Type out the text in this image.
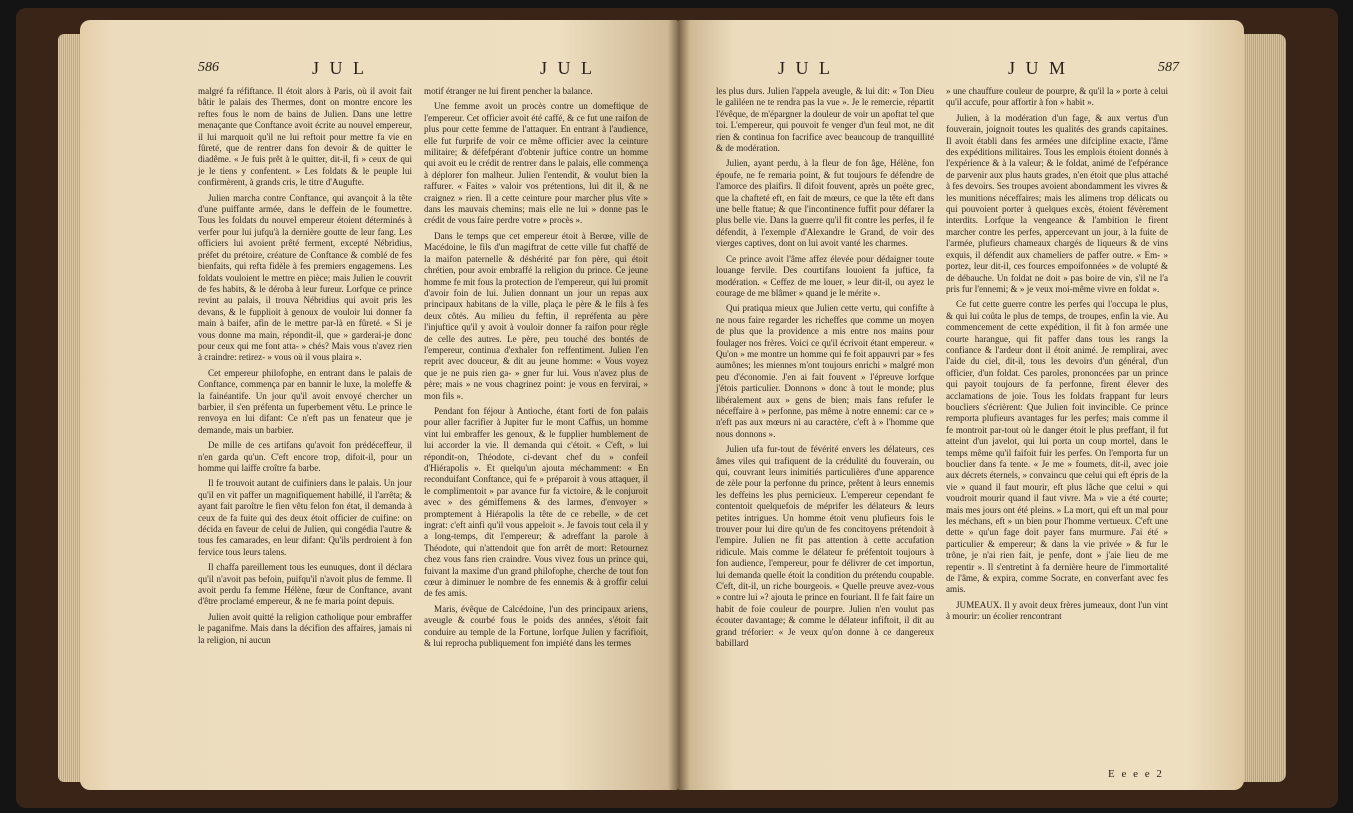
586	J U L	J U L

malgré fa réfiftance. Il étoit alors à Paris, où il avoit fait bâtir le palais des Thermes, dont on montre encore les reftes fous le nom de bains de Julien. Dans une lettre menaçante que Conftance avoit écrite au nouvel empereur, il lui marquoit qu'il ne lui reftoit pour mettre fa vie en fûreté, que de rentrer dans fon devoir & de quitter le diadême. « Je fuis prêt à le quitter, dit-il, fi » ceux de qui je le tiens y confentent. » Les foldats & le peuple lui confirmèrent, à grands cris, le titre d'Augufte.

Julien marcha contre Conftance, qui avançoit à la tête d'une puiffante armée, dans le deffein de le foumettre. Tous les foldats du nouvel empereur étoient déterminés à verfer pour lui jufqu'à la dernière goutte de leur fang. Les officiers lui avoient prêté ferment, excepté Nébridius, préfet du prétoire, créature de Conftance & comblé de fes bienfaits, qui refta fidèle à fes premiers engagemens. Les foldats vouloient le mettre en pièce; mais Julien le couvrit de fes habits, & le déroba à leur fureur. Lorfque ce prince revint au palais, il trouva Nébridius qui avoit pris les devans, & le fupplioit à genoux de vouloir lui donner fa main à baifer, afin de le mettre par-là en fûreté. « Si je vous donne ma main, répondit-il, que » garderai-je donc pour ceux qui me font atta- » chés? Mais vous n'avez rien à craindre: retirez- » vous où il vous plaira ».

Cet empereur philofophe, en entrant dans le palais de Conftance, commença par en bannir le luxe, la moleffe & la fainéantife. Un jour qu'il avoit envoyé chercher un barbier, il s'en préfenta un fuperbement vêtu. Le prince le renvoya en lui difant: Ce n'eft pas un fenateur que je demande, mais un barbier.

De mille de ces artifans qu'avoit fon prédéceffeur, il n'en garda qu'un. C'eft encore trop, difoit-il, pour un homme qui laiffe croître fa barbe.

Il fe trouvoit autant de cuifiniers dans le palais. Un jour qu'il en vit paffer un magnifiquement habillé, il l'arrêta; & ayant fait paroître le fien vêtu felon fon état, il demanda à ceux de fa fuite qui des deux étoit officier de cuifine: on décida en faveur de celui de Julien, qui congédia l'autre & tous fes camarades, en leur difant: Qu'ils perdroient à fon fervice tous leurs talens.

Il chaffa pareillement tous les eunuques, dont il déclara qu'il n'avoit pas befoin, puifqu'il n'avoit plus de femme. Il avoit perdu fa femme Hélène, fœur de Conftance, avant d'être proclamé empereur, & ne fe maria point depuis.

Julien avoit quitté la religion catholique pour embraffer le paganifme. Mais dans la décifion des affaires, jamais ni la religion, ni aucun

motif étranger ne lui firent pencher la balance.

Une femme avoit un procès contre un domeftique de l'empereur. Cet officier avoit été caffé, & ce fut une raifon de plus pour cette femme de l'attaquer. En entrant à l'audience, elle fut furprife de voir ce même officier avec la ceinture militaire; & défefpérant d'obtenir juftice contre un homme qui avoit eu le crédit de rentrer dans le palais, elle commença à déplorer fon malheur. Julien l'entendit, & voulut bien la raffurer. « Faites » valoir vos prétentions, lui dit il, & ne craignez » rien. Il a cette ceinture pour marcher plus vîte » dans les mauvais chemins; mais elle ne lui » donne pas le crédit de vous faire perdre votre » procès ».

Dans le temps que cet empereur étoit à Berœe, ville de Macédoine, le fils d'un magiftrat de cette ville fut chaffé de la maifon paternelle & déshérité par fon père, qui étoit chrétien, pour avoir embraffé la religion du prince. Ce jeune homme fe mit fous la protection de l'empereur, qui lui promit d'avoir foin de lui. Julien donnant un jour un repas aux principaux habitans de la ville, plaça le père & le fils à fes deux côtés. Au milieu du feftin, il repréfenta au père l'injuftice qu'il y avoit à vouloir donner fa raifon pour règle de celle des autres. Le père, peu touché des bontés de l'empereur, continua d'exhaler fon reffentiment. Julien l'en reprit avec douceur, & dit au jeune homme: « Vous voyez que je ne puis rien ga- » gner fur lui. Vous n'avez plus de père; mais » ne vous chagrinez point: je vous en fervirai, » mon fils ».

Pendant fon féjour à Antioche, étant forti de fon palais pour aller facrifier à Jupiter fur le mont Caffus, un homme vint lui embraffer les genoux, & le fupplier humblement de lui accorder la vie. Il demanda qui c'étoit. « C'eft, » lui répondit-on, Théodote, ci-devant chef du » confeil d'Hiérapolis ». Et quelqu'un ajouta méchamment: « En reconduifant Conftance, qui fe » préparoit à vous attaquer, il le complimentoit » par avance fur fa victoire, & le conjuroit avec » des gémiffemens & des larmes, d'envoyer » promptement à Hiérapolis la tête de ce rebelle, » de cet ingrat: c'eft ainfi qu'il vous appeloit ». Je favois tout cela il y a long-temps, dit l'empereur; & adreffant la parole à Théodote, qui n'attendoit que fon arrêt de mort: Retournez chez vous fans rien craindre. Vous vivez fous un prince qui, fuivant la maxime d'un grand philofophe, cherche de tout fon cœur à diminuer le nombre de fes ennemis & à groffir celui de fes amis.

Maris, évêque de Calcédoine, l'un des principaux ariens, aveugle & courbé fous le poids des années, s'étoit fait conduire au temple de la Fortune, lorfque Julien y facrifioit, & lui reprocha publiquement fon impiété dans les termes

J U L	J U M	587

les plus durs. Julien l'appela aveugle, & lui dit: « Ton Dieu le galiléen ne te rendra pas la vue ». Je le remercie, répartit l'évêque, de m'épargner la douleur de voir un apoftat tel que toi. L'empereur, qui pouvoit fe venger d'un feul mot, ne dit rien & continua fon facrifice avec beaucoup de tranquillité & de modération.

Julien, ayant perdu, à la fleur de fon âge, Hélène, fon époufe, ne fe remaria point, & fut toujours fe défendre de l'amorce des plaifirs. Il difoit fouvent, après un poëte grec, que la chafteté eft, en fait de mœurs, ce que la tête eft dans une belle ftatue; & que l'incontinence fuffit pour défarer la plus belle vie. Dans la guerre qu'il fit contre les perfes, il fe défendit, à l'exemple d'Alexandre le Grand, de voir des vierges captives, dont on lui avoit vanté les charmes.

Ce prince avoit l'âme affez élevée pour dédaigner toute louange fervile. Des courtifans louoient fa juftice, fa modération. « Ceffez de me louer, » leur dit-il, ou ayez le courage de me blâmer » quand je le mérite ».

Qui pratiqua mieux que Julien cette vertu, qui confifte à ne nous faire regarder les richeffes que comme un moyen de plus que la providence a mis entre nos mains pour foulager nos frères. Voici ce qu'il écrivoit étant empereur. « Qu'on » me montre un homme qui fe foit appauvri par » fes aumônes; les miennes m'ont toujours enrichi » malgré mon peu d'économie. J'en ai fait fouvent » l'épreuve lorfque j'étois particulier. Donnons » donc à tout le monde; plus libéralement aux » gens de bien; mais fans refufer le néceffaire à » perfonne, pas même à notre ennemi: car ce » n'eft pas aux mœurs ni au caractère, c'eft à » l'homme que nous donnons ».

Julien ufa fur-tout de févérité envers les délateurs, ces âmes viles qui trafiquent de la crédulité du fouverain, ou qui, couvrant leurs inimitiés particulières d'une apparence de zèle pour la perfonne du prince, prêtent à leurs ennemis les deffeins les plus pernicieux. L'empereur cependant fe contentoit quelquefois de méprifer les délateurs & leurs petites intrigues. Un homme étoit venu plufieurs fois le trouver pour lui dire qu'un de fes concitoyens prétendoit à l'empire. Julien ne fit pas attention à cette accufation ridicule. Mais comme le délateur fe préfentoit toujours à fon audience, l'empereur, pour fe délivrer de cet importun, lui demanda quelle étoit la condition du prétendu coupable. C'eft, dit-il, un riche bourgeois. « Quelle preuve avez-vous » contre lui »? ajouta le prince en fouriant. Il fe fait faire un habit de foie couleur de pourpre. Julien n'en voulut pas écouter davantage; & comme le délateur infiftoit, il dit au grand tréforier: « Je veux qu'on donne à ce dangereux babillard

» une chauffure couleur de pourpre, & qu'il la » porte à celui qu'il accufe, pour affortir à fon » habit ».

Julien, à la modération d'un fage, & aux vertus d'un fouverain, joignoit toutes les qualités des grands capitaines. Il avoit établi dans fes armées une difcipline exacte, l'âme des expéditions militaires. Tous les emplois étoient donnés à l'expérience & à la valeur; & le foldat, animé de l'efpérance de parvenir aux plus hauts grades, n'en étoit que plus attaché à fes devoirs. Ses troupes avoient abondamment les vivres & les munitions néceffaires; mais les alimens trop délicats ou qui pouvoient porter à quelques excès, étoient févèrement interdits. Lorfque la vengeance & l'ambition le firent marcher contre les perfes, appercevant un jour, à la fuite de l'armée, plufieurs chameaux chargés de liqueurs & de vins exquis, il défendit aux chameliers de paffer outre. « Em- » portez, leur dit-il, ces fources empoifonnées » de volupté & de débauche. Un foldat ne doit » pas boire de vin, s'il ne l'a pris fur l'ennemi; & » je veux moi-même vivre en foldat ».

Ce fut cette guerre contre les perfes qui l'occupa le plus, & qui lui coûta le plus de temps, de troupes, enfin la vie. Au commencement de cette expédition, il fit à fon armée une courte harangue, qui fit paffer dans tous les rangs la confiance & l'ardeur dont il étoit animé. Je remplirai, avec l'aide du ciel, dit-il, tous les devoirs d'un général, d'un officier, d'un foldat. Ces paroles, prononcées par un prince qui payoit toujours de fa perfonne, firent élever des acclamations de joie. Tous les foldats frappant fur leurs boucliers s'écrièrent: Que Julien foit invincible. Ce prince remporta plufieurs avantages fur les perfes; mais comme il fe montroit par-tout où le danger étoit le plus preffant, il fut atteint d'un javelot, qui lui porta un coup mortel, dans le temps même qu'il faifoit fuir les perfes. On l'emporta fur un bouclier dans fa tente. « Je me » foumets, dit-il, avec joie aux décrets éternels, » convaincu que celui qui eft épris de la vie » quand il faut mourir, eft plus lâche que celui » qui voudroit mourir quand il faut vivre. Ma » vie a été courte; mais mes jours ont été pleins. » La mort, qui eft un mal pour les méchans, eft » un bien pour l'homme vertueux. C'eft une dette » qu'un fage doit payer fans murmure. J'ai été » particulier & empereur; & dans la vie privée » & fur le trône, je n'ai rien fait, je penfe, dont » j'aie lieu de me repentir ». Il s'entretint à fa dernière heure de l'immortalité de l'âme, & expira, comme Socrate, en converfant avec fes amis.

JUMEAUX. Il y avoit deux frères jumeaux, dont l'un vint à mourir: un écolier rencontrant

E e e e 2
